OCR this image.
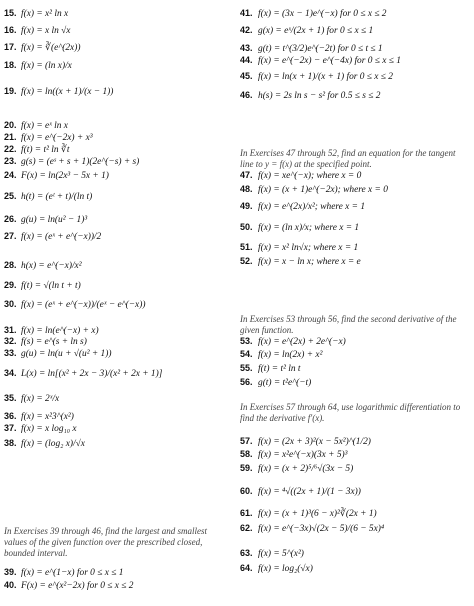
15. f(x) = x² ln x
16. f(x) = x ln √x
17. f(x) = ∛(e^(2x))
18. f(x) = (ln x)/x
19. f(x) = ln((x + 1)/(x − 1))
20. f(x) = eˣ ln x
21. f(x) = e^(−2x) + x³
22. f(t) = t² ln ∛t
23. g(s) = (eˢ + s + 1)(2e^(−s) + s)
24. F(x) = ln(2x³ − 5x + 1)
25. h(t) = (eᵗ + t)/(ln t)
26. g(u) = ln(u² − 1)³
27. f(x) = (eˣ + e^(−x))/2
28. h(x) = e^(−x)/x²
29. f(t) = √(ln t + t)
30. f(x) = (eˣ + e^(−x))/(eˣ − e^(−x))
31. f(x) = ln(e^(−x) + x)
32. f(s) = e^(s + ln s)
33. g(u) = ln(u + √(u² + 1))
34. L(x) = ln[(x² + 2x − 3)/(x² + 2x + 1)]
35. f(x) = 2ˣ/x
36. f(x) = x²3^(x²)
37. f(x) = x log₁₀ x
38. f(x) = (log₂ x)/√x
In Exercises 39 through 46, find the largest and smallest values of the given function over the prescribed closed, bounded interval.
39. f(x) = e^(1−x) for 0 ≤ x ≤ 1
40. F(x) = e^(x²−2x) for 0 ≤ x ≤ 2
41. f(x) = (3x − 1)e^(−x) for 0 ≤ x ≤ 2
42. g(x) = eˣ/(2x + 1) for 0 ≤ x ≤ 1
43. g(t) = t^(3/2)e^(−2t) for 0 ≤ t ≤ 1
44. f(x) = e^(−2x) − e^(−4x) for 0 ≤ x ≤ 1
45. f(x) = ln(x + 1)/(x + 1) for 0 ≤ x ≤ 2
46. h(s) = 2s ln s − s² for 0.5 ≤ s ≤ 2
In Exercises 47 through 52, find an equation for the tangent line to y = f(x) at the specified point.
47. f(x) = xe^(−x); where x = 0
48. f(x) = (x + 1)e^(−2x); where x = 0
49. f(x) = e^(2x)/x²; where x = 1
50. f(x) = (ln x)/x; where x = 1
51. f(x) = x² ln√x; where x = 1
52. f(x) = x − ln x; where x = e
In Exercises 53 through 56, find the second derivative of the given function.
53. f(x) = e^(2x) + 2e^(−x)
54. f(x) = ln(2x) + x²
55. f(t) = t² ln t
56. g(t) = t²e^(−t)
In Exercises 57 through 64, use logarithmic differentiation to find the derivative f′(x).
57. f(x) = (2x + 3)²(x − 5x²)^(1/2)
58. f(x) = x²e^(−x)(3x + 5)³
59. f(x) = (x + 2)⁵/⁶√(3x − 5)
60. f(x) = ⁴√((2x + 1)/(1 − 3x))
61. f(x) = (x + 1)³(6 − x)²∛(2x + 1)
62. f(x) = e^(−3x)√(2x − 5)/(6 − 5x)⁴
63. f(x) = 5^(x²)
64. f(x) = log₂(√x)
